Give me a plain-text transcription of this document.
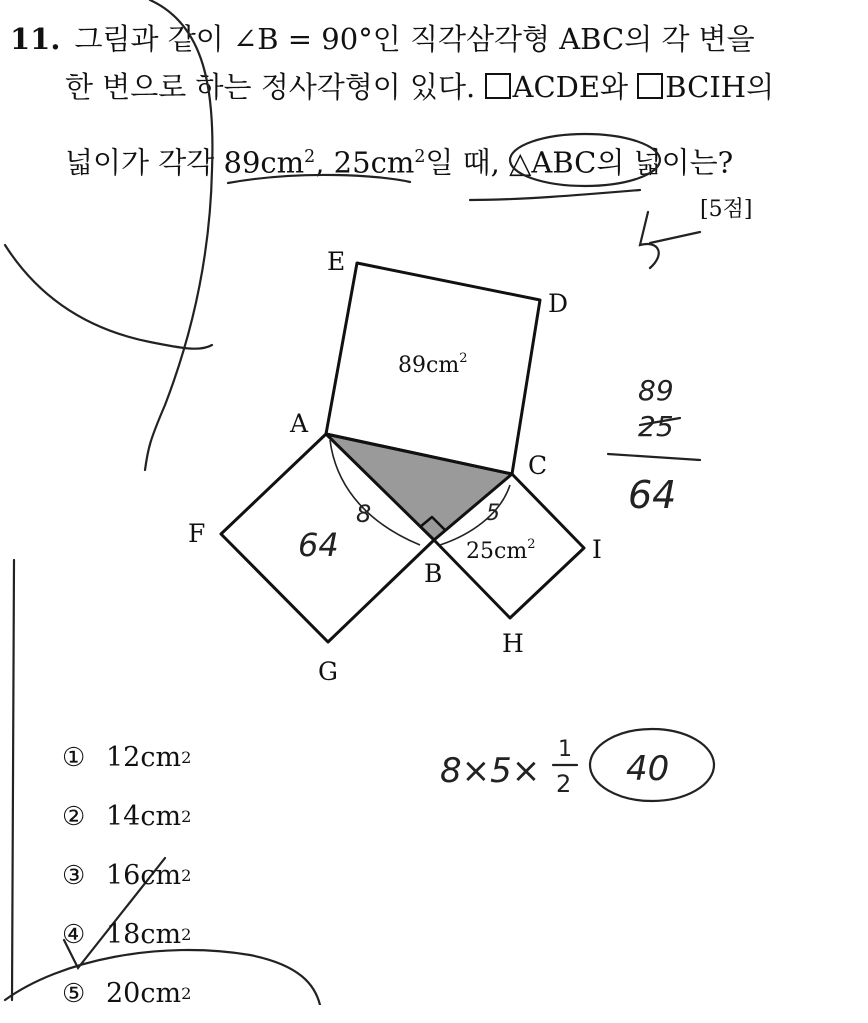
11. 그림과 같이 ∠B = 90°인 직각삼각형 ABC의 각 변을
한 변으로 하는 정사각형이 있다. ACDE와 BCIH의
넓이가 각각 $89cm^2$, $25cm^2$일 때, △ABC의 넓이는?
[5점]
E
D
A
C
F
B
I
H
G
$89cm^2$
$25cm^2$
64
8	5
89
25
64
8×5×
1
2 40
① 12cm 2
② 14cm 2
③ 16cm 2
④ 18cm 2
⑤ 20cm 2
